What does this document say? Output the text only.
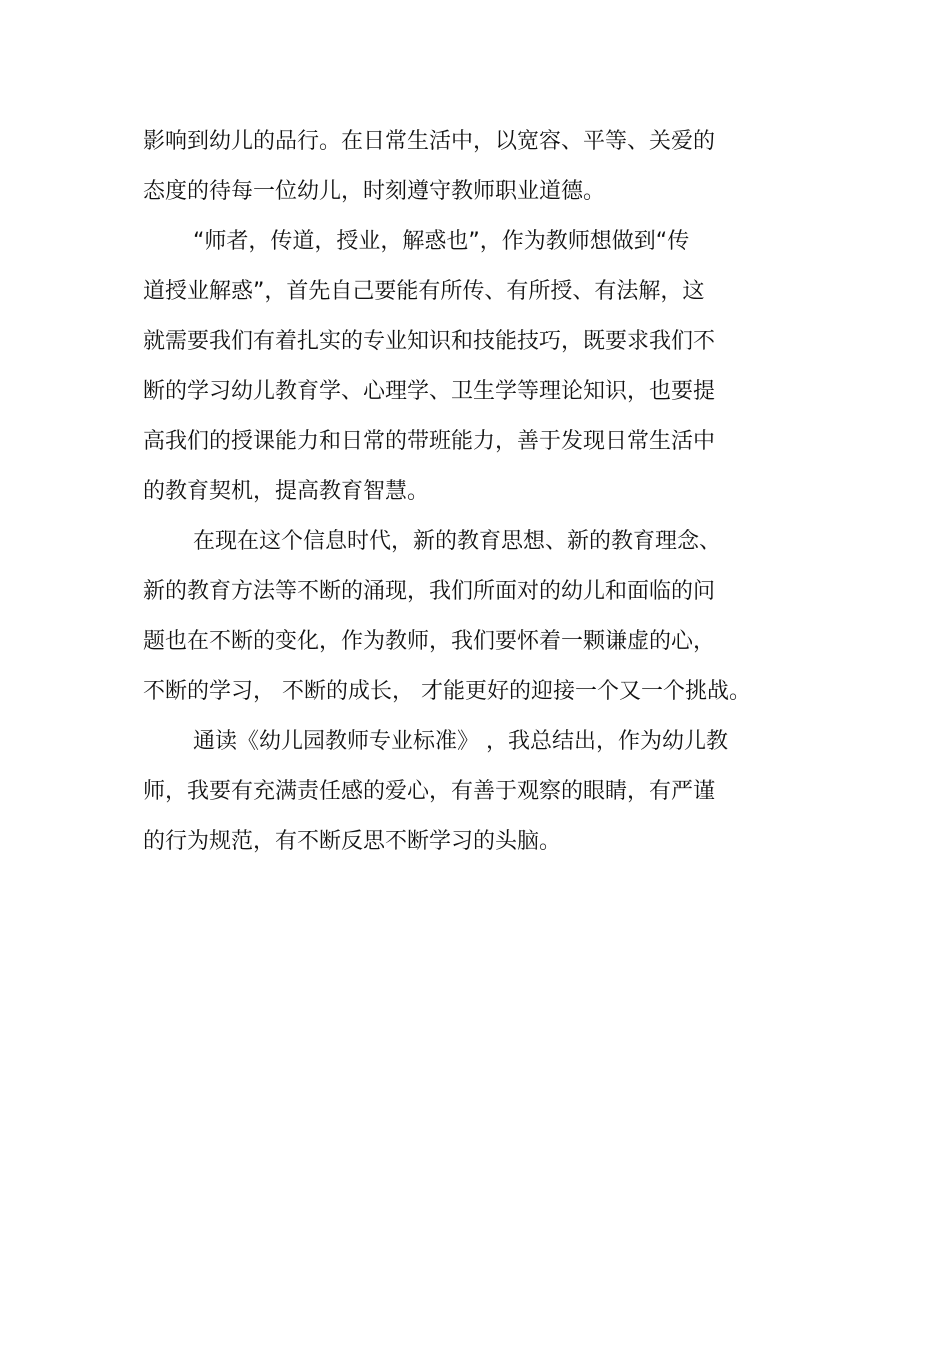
影响到幼儿的品行。在日常生活中，以宽容、平等、关爱的
态度的待每一位幼儿，时刻遵守教师职业道德。
“师者，传道，授业，解惑也”，作为教师想做到“传
道授业解惑”，首先自己要能有所传、有所授、有法解，这
就需要我们有着扎实的专业知识和技能技巧，既要求我们不
断的学习幼儿教育学、心理学、卫生学等理论知识，也要提
高我们的授课能力和日常的带班能力，善于发现日常生活中
的教育契机，提高教育智慧。
在现在这个信息时代，新的教育思想、新的教育理念、
新的教育方法等不断的涌现，我们所面对的幼儿和面临的问
题也在不断的变化，作为教师，我们要怀着一颗谦虚的心，
不断的学习， 不断的成长， 才能更好的迎接一个又一个挑战。
通读《幼儿园教师专业标准》 ，我总结出，作为幼儿教
师，我要有充满责任感的爱心，有善于观察的眼睛，有严谨
的行为规范，有不断反思不断学习的头脑。
